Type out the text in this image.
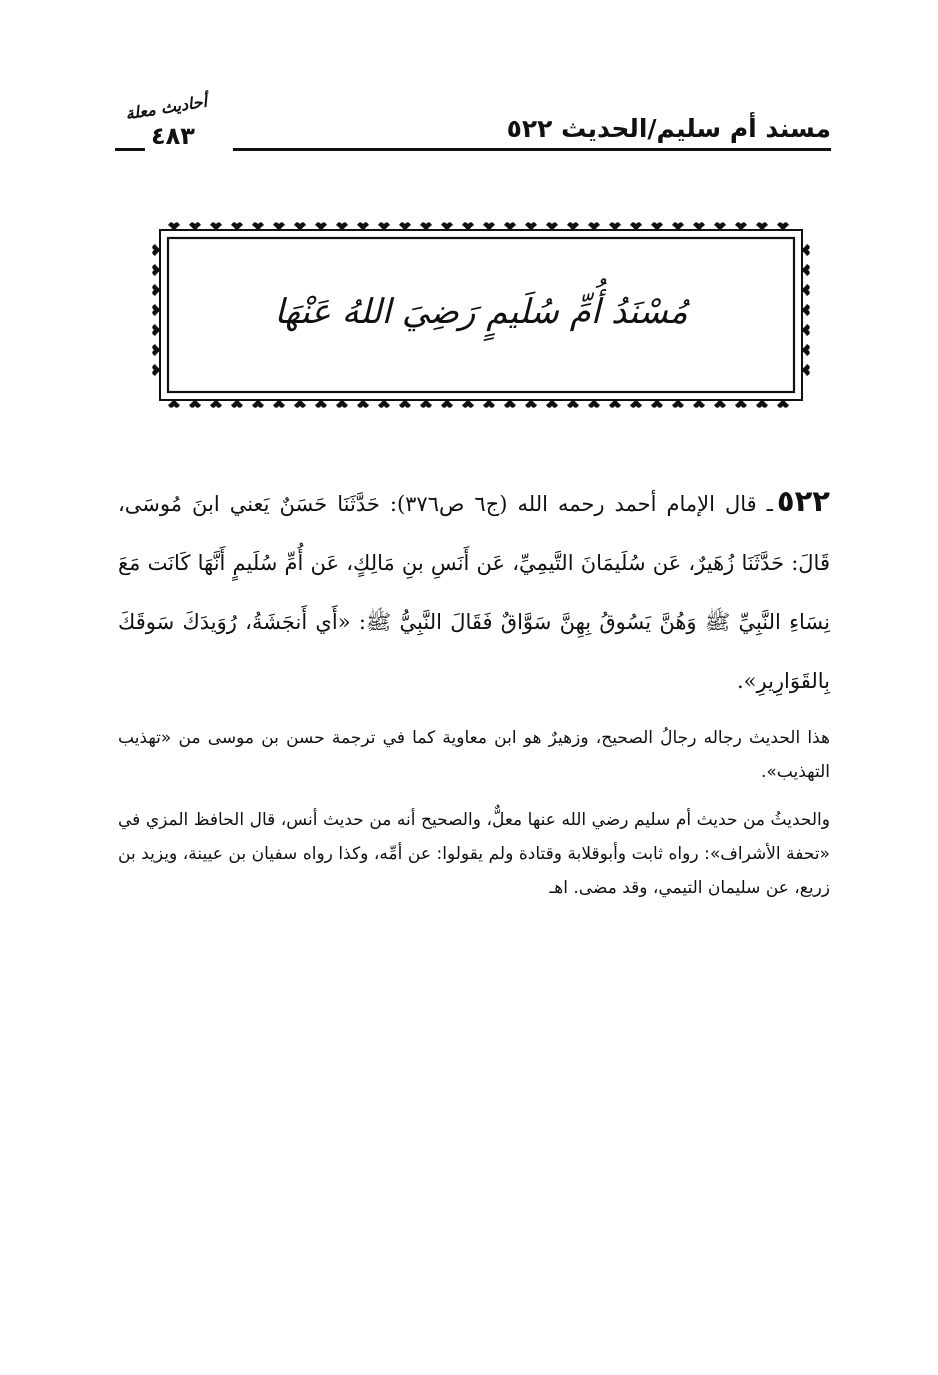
مسند أم سليم/الحديث ٥٢٢
أحاديث معلة
٤٨٣
مُسْنَدُ أُمِّ سُلَيمٍ رَضِيَ اللهُ عَنْهَا
٥٢٢ـ قال الإمام أحمد رحمه الله (ج٦ ص٣٧٦): حَدَّثَنَا حَسَنٌ يَعني ابنَ مُوسَى، قَالَ: حَدَّثَنَا زُهَيرٌ، عَن سُلَيمَانَ التَّيمِيِّ، عَن أَنَسِ بنِ مَالِكٍ، عَن أُمِّ سُلَيمٍ أَنَّهَا كَانَت مَعَ نِسَاءِ النَّبِيِّ ﷺ وَهُنَّ يَسُوقُ بِهِنَّ سَوَّاقٌ فَقَالَ النَّبِيُّ ﷺ: «أَي أَنجَشَةُ، رُوَيدَكَ سَوقَكَ بِالقَوَارِيرِ».
هذا الحديث رجاله رجالُ الصحيح، وزهيرٌ هو ابن معاوية كما في ترجمة حسن بن موسى من «تهذيب التهذيب».
والحديثُ من حديث أم سليم رضي الله عنها معلٌّ، والصحيح أنه من حديث أنس، قال الحافظ المزي في «تحفة الأشراف»: رواه ثابت وأبوقلابة وقتادة ولم يقولوا: عن أمِّه، وكذا رواه سفيان بن عيينة، ويزيد بن زريع، عن سليمان التيمي، وقد مضى. اهـ
